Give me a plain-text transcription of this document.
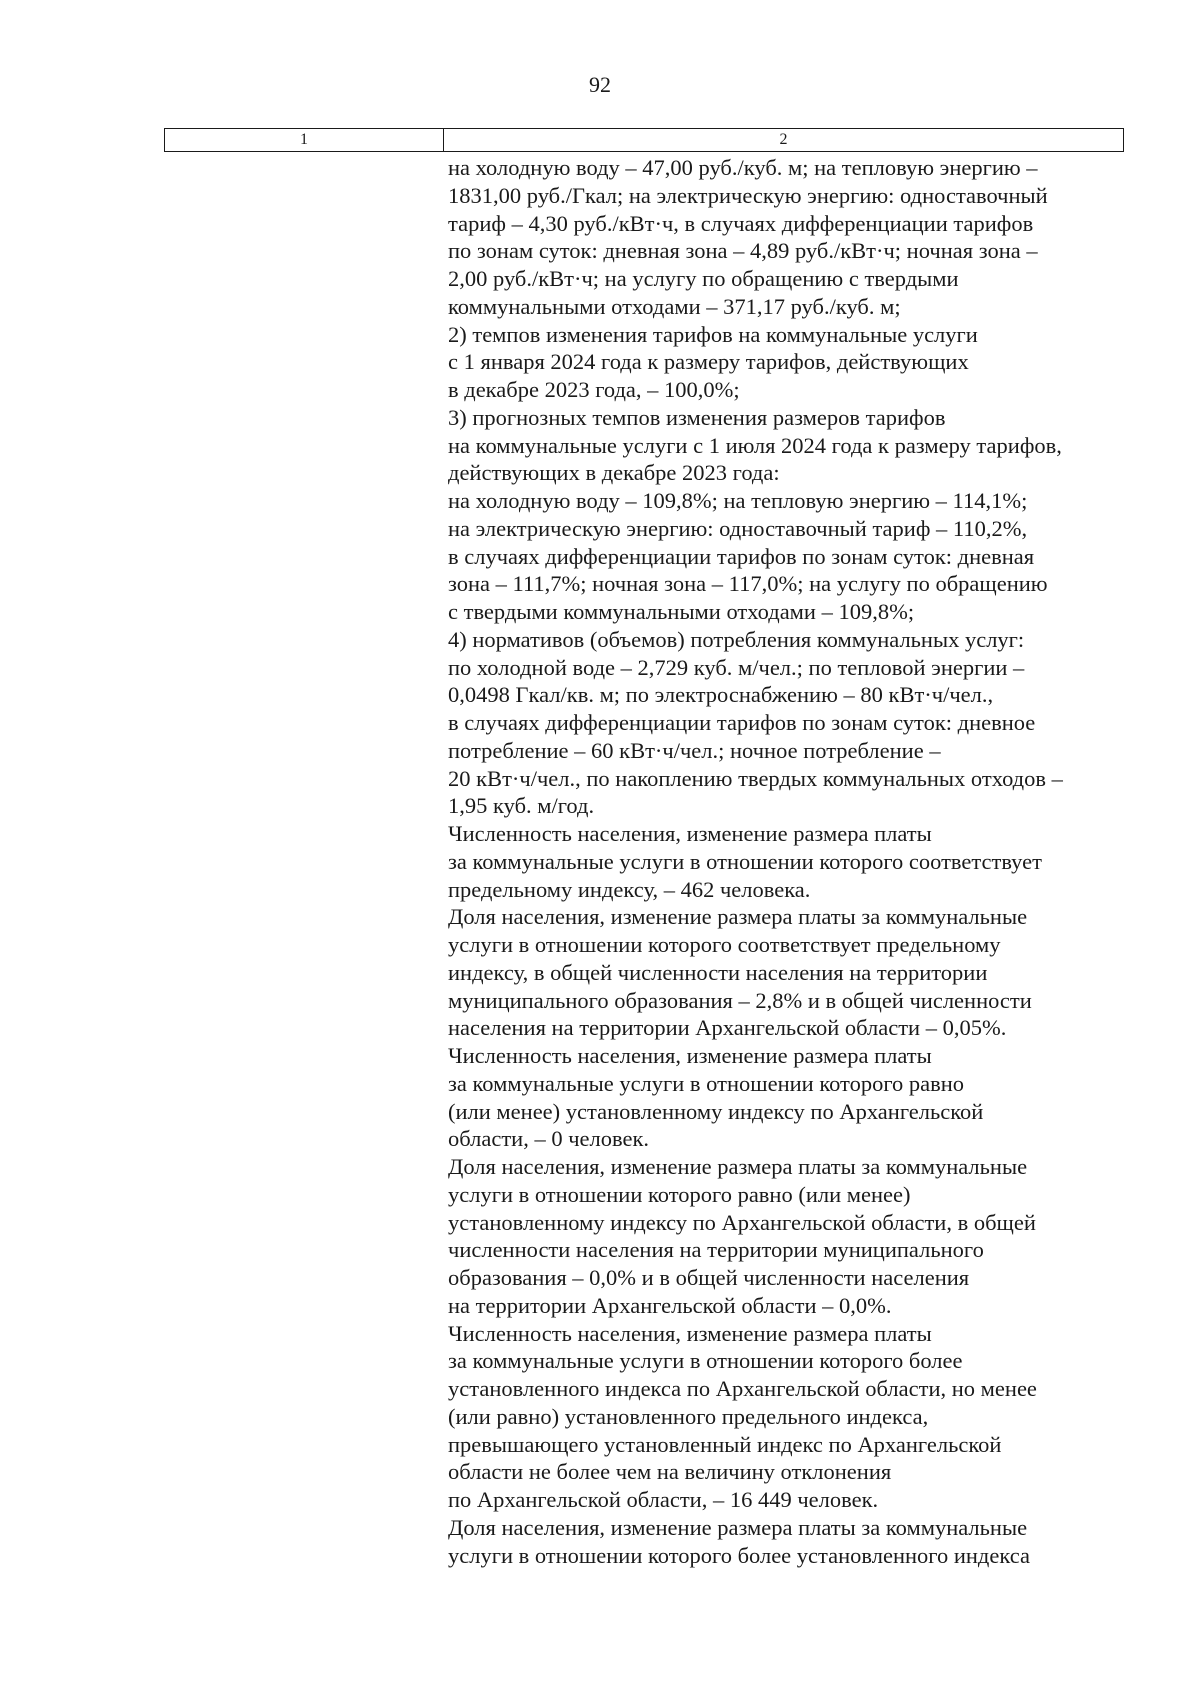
92
1	2
на холодную воду – 47,00 руб./куб. м; на тепловую энергию –
1831,00 руб./Гкал; на электрическую энергию: одноставочный
тариф – 4,30 руб./кВт·ч, в случаях дифференциации тарифов
по зонам суток: дневная зона – 4,89 руб./кВт·ч; ночная зона –
2,00 руб./кВт·ч; на услугу по обращению с твердыми
коммунальными отходами – 371,17 руб./куб. м;
2) темпов изменения тарифов на коммунальные услуги
с 1 января 2024 года к размеру тарифов, действующих
в декабре 2023 года, – 100,0%;
3) прогнозных темпов изменения размеров тарифов
на коммунальные услуги с 1 июля 2024 года к размеру тарифов,
действующих в декабре 2023 года:
на холодную воду – 109,8%; на тепловую энергию – 114,1%;
на электрическую энергию: одноставочный тариф – 110,2%,
в случаях дифференциации тарифов по зонам суток: дневная
зона – 111,7%; ночная зона – 117,0%; на услугу по обращению
с твердыми коммунальными отходами – 109,8%;
4) нормативов (объемов) потребления коммунальных услуг:
по холодной воде – 2,729 куб. м/чел.; по тепловой энергии –
0,0498 Гкал/кв. м; по электроснабжению – 80 кВт·ч/чел.,
в случаях дифференциации тарифов по зонам суток: дневное
потребление – 60 кВт·ч/чел.; ночное потребление –
20 кВт·ч/чел., по накоплению твердых коммунальных отходов –
1,95 куб. м/год.
Численность населения, изменение размера платы
за коммунальные услуги в отношении которого соответствует
предельному индексу, – 462 человека.
Доля населения, изменение размера платы за коммунальные
услуги в отношении которого соответствует предельному
индексу, в общей численности населения на территории
муниципального образования – 2,8% и в общей численности
населения на территории Архангельской области – 0,05%.
Численность населения, изменение размера платы
за коммунальные услуги в отношении которого равно
(или менее) установленному индексу по Архангельской
области, – 0 человек.
Доля населения, изменение размера платы за коммунальные
услуги в отношении которого равно (или менее)
установленному индексу по Архангельской области, в общей
численности населения на территории муниципального
образования – 0,0% и в общей численности населения
на территории Архангельской области – 0,0%.
Численность населения, изменение размера платы
за коммунальные услуги в отношении которого более
установленного индекса по Архангельской области, но менее
(или равно) установленного предельного индекса,
превышающего установленный индекс по Архангельской
области не более чем на величину отклонения
по Архангельской области, – 16 449 человек.
Доля населения, изменение размера платы за коммунальные
услуги в отношении которого более установленного индекса
